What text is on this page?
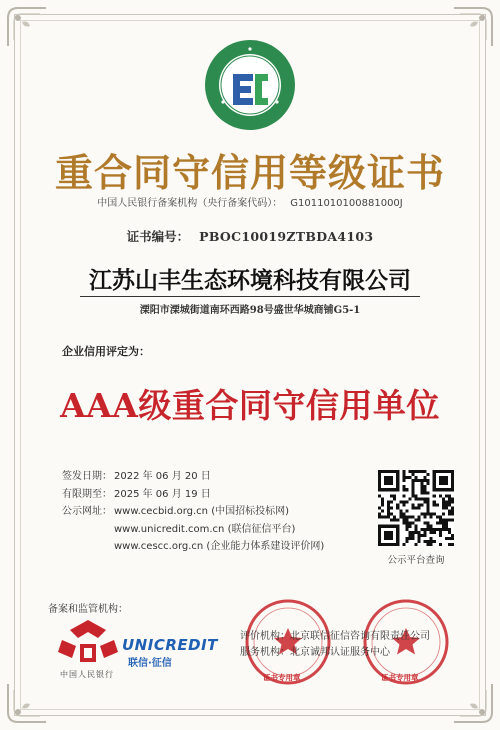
重合同守信用等级证书
中国人民银行备案机构（央行备案代码）： G1011010100881000J
证书编号： PBOC10019ZTBDA4103
江苏山丰生态环境科技有限公司
溧阳市溧城街道南环西路98号盛世华城商铺G5-1
企业信用评定为：
AAA级重合同守信用单位
签发日期： 2022 年 06 月 20 日
有限期至： 2025 年 06 月 19 日
公示网址： www.cecbid.org.cn (中国招标投标网)
www.unicredit.com.cn (联信征信平台)
www.cescc.org.cn (企业能力体系建设评价网)
公示平台查询
备案和监管机构：
中国人民银行
UNICREDIT
联信·征信
评价机构：北京联信征信咨询有限责任公司
服务机构：北京诚邦认证服务中心
证书专用章	证书专用章
